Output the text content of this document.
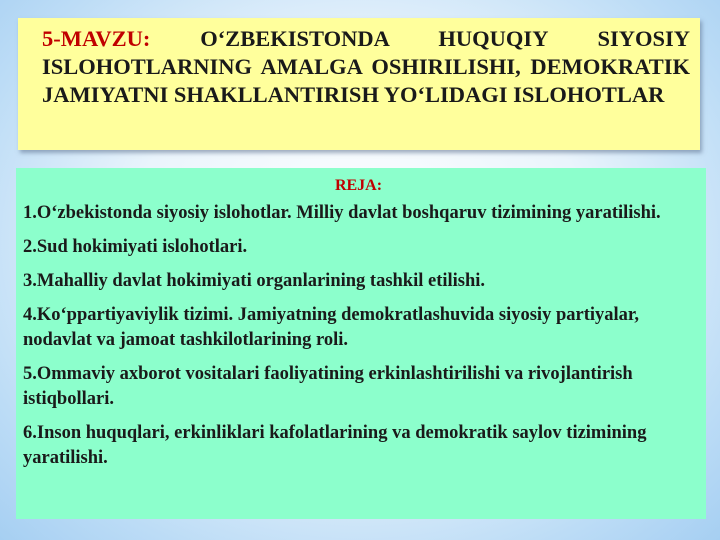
5-MAVZU: O‘ZBEKISTONDA HUQUQIY SIYOSIY ISLOHOTLARNING AMALGA OSHIRILISHI, DEMOKRATIK JAMIYATNI SHAKLLANTIRISH YO‘LIDAGI ISLOHOTLAR

REJA:

1.O‘zbekistonda siyosiy islohotlar. Milliy davlat boshqaruv tizimining yaratilishi.
2.Sud hokimiyati islohotlari.
3.Mahalliy davlat hokimiyati organlarining tashkil etilishi.
4.Ko‘ppartiyaviylik tizimi. Jamiyatning demokratlashuvida siyosiy partiyalar, nodavlat va jamoat tashkilotlarining roli.
5.Ommaviy axborot vositalari faoliyatining erkinlashtirilishi va rivojlantirish istiqbollari.
6.Inson huquqlari, erkinliklari kafolatlarining va demokratik saylov tizimining yaratilishi.
